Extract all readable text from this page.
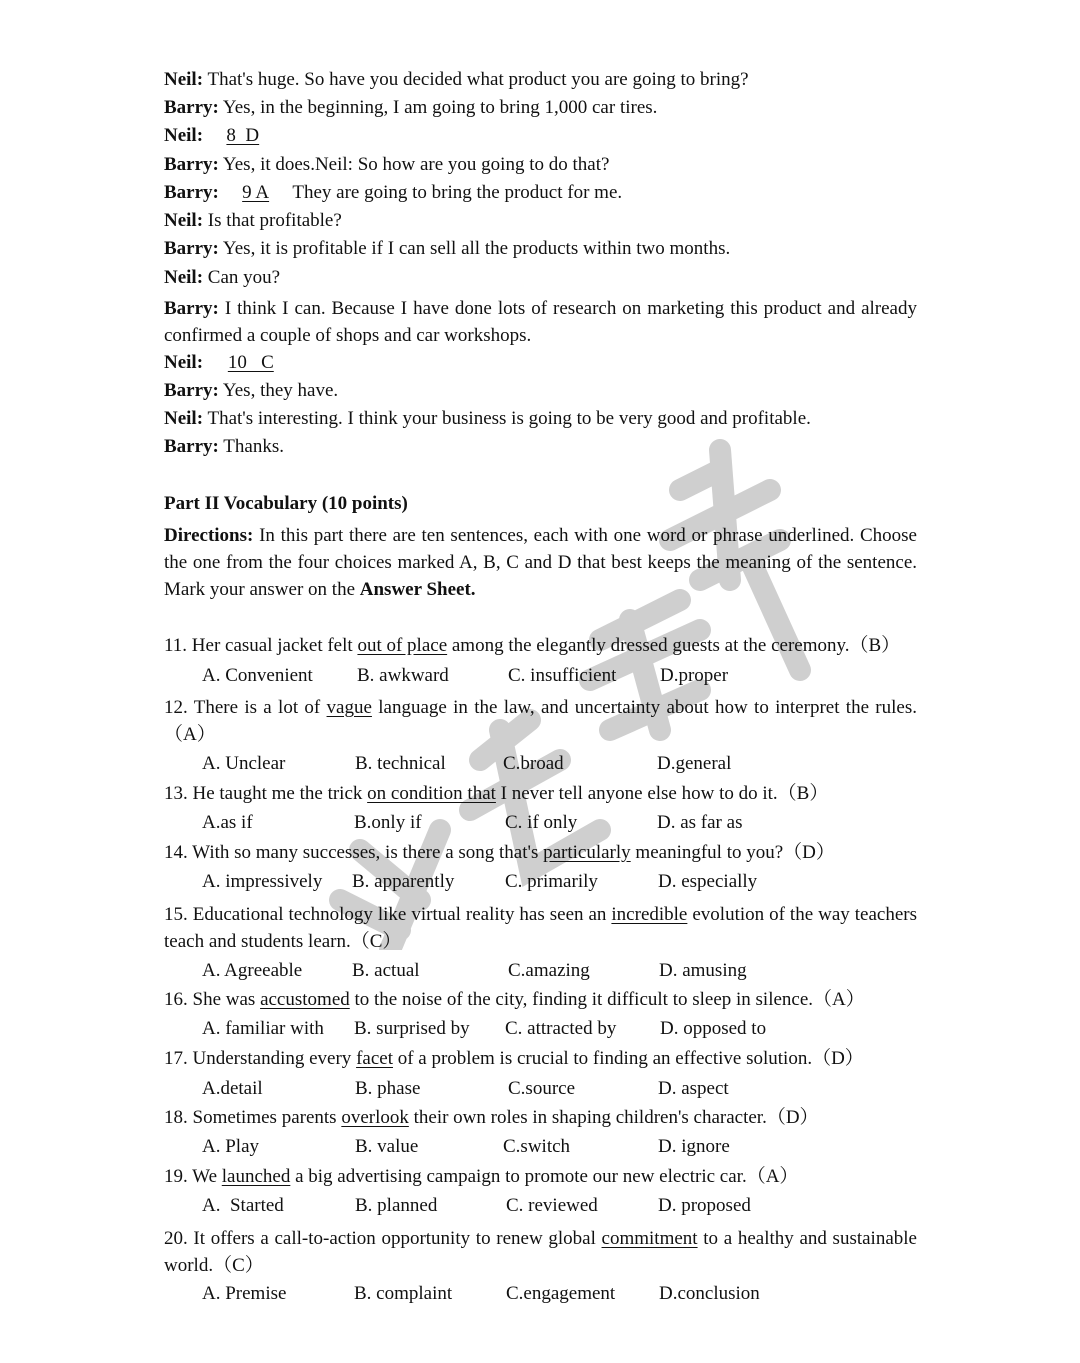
Neil: That's huge. So have you decided what product you are going to bring?
Barry: Yes, in the beginning, I am going to bring 1,000 car tires.
Neil: 8  D
Barry: Yes, it does.Neil: So how are you going to do that?
Barry: 9 A They are going to bring the product for me.
Neil: Is that profitable?
Barry: Yes, it is profitable if I can sell all the products within two months.
Neil: Can you?
Barry: I think I can. Because I have done lots of research on marketing this product and already confirmed a couple of shops and car workshops.
Neil: 10   C
Barry: Yes, they have.
Neil: That's interesting. I think your business is going to be very good and profitable.
Barry: Thanks.
Part II Vocabulary (10 points)
Directions: In this part there are ten sentences, each with one word or phrase underlined. Choose the one from the four choices marked A, B, C and D that best keeps the meaning of the sentence. Mark your answer on the Answer Sheet.
11. Her casual jacket felt out of place among the elegantly dressed guests at the ceremony.（B）
A. Convenient B. awkward	C. insufficient D.proper
12. There is a lot of vague language in the law, and uncertainty about how to interpret the rules.（A）
A. Unclear	B. technical	C.broad	D.general
13. He taught me the trick on condition that I never tell anyone else how to do it.（B）
A.as if	B.only if	C. if only	D. as far as
14. With so many successes, is there a song that's particularly meaningful to you?（D）
A. impressively B. apparently	C. primarily	D. especially
15. Educational technology like virtual reality has seen an incredible evolution of the way teachers teach and students learn.（C）
A. Agreeable	B. actual	C.amazing	D. amusing
16. She was accustomed to the noise of the city, finding it difficult to sleep in silence.（A）
A. familiar with B. surprised by C. attracted by D. opposed to
17. Understanding every facet of a problem is crucial to finding an effective solution.（D）
A.detail	B. phase	C.source	D. aspect
18. Sometimes parents overlook their own roles in shaping children's character.（D）
A. Play	B. value	C.switch	D. ignore
19. We launched a big advertising campaign to promote our new electric car.（A）
A.  Started	B. planned	C. reviewed	D. proposed
20. It offers a call-to-action opportunity to renew global commitment to a healthy and sustainable world.（C）
A. Premise	B. complaint	C.engagement D.conclusion
